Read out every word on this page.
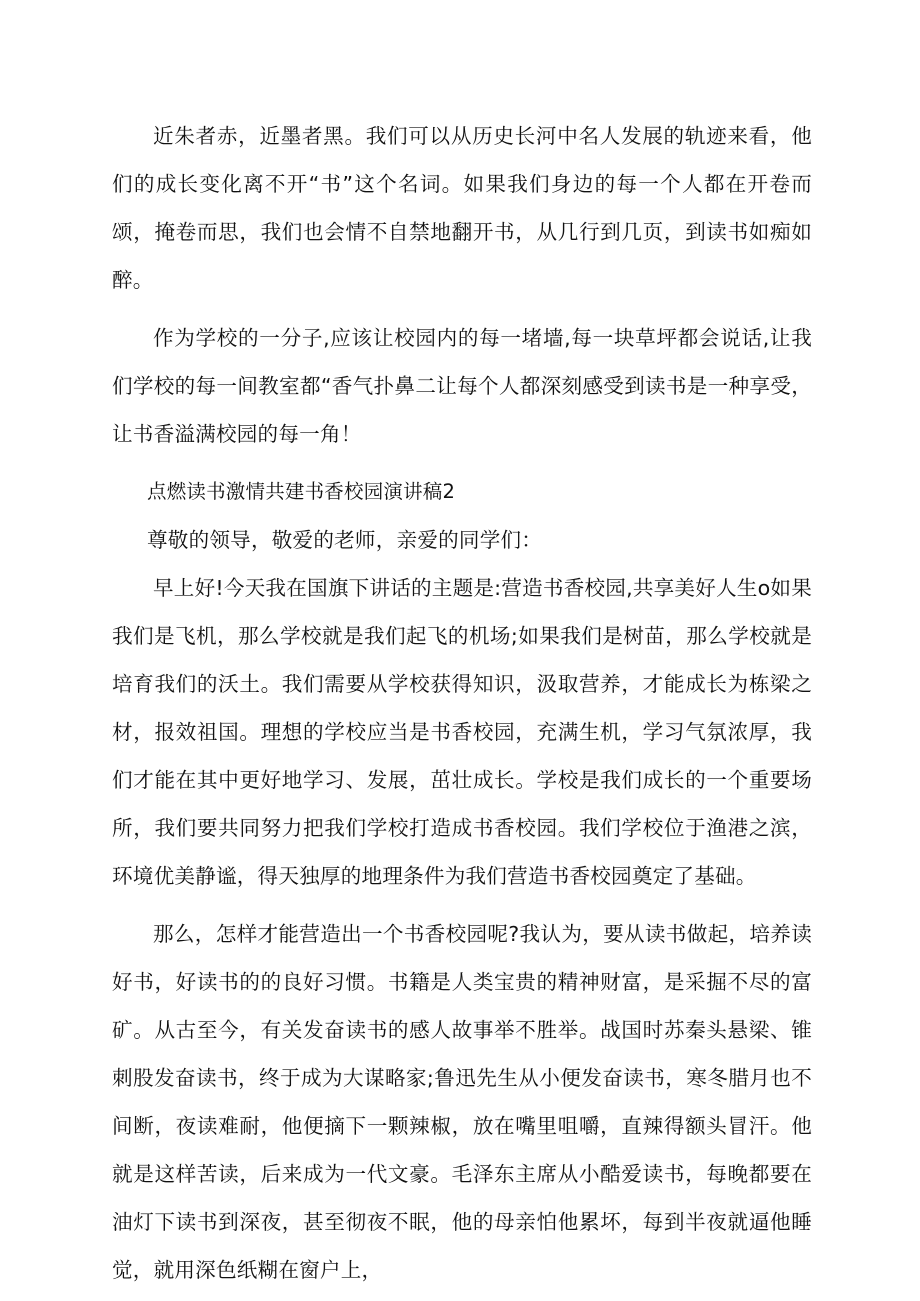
近朱者赤，近墨者黑。我们可以从历史长河中名人发展的轨迹来看，他们的成长变化离不开“书”这个名词。如果我们身边的每一个人都在开卷而颂，掩卷而思，我们也会情不自禁地翻开书，从几行到几页，到读书如痴如醉。

作为学校的一分子,应该让校园内的每一堵墙,每一块草坪都会说话,让我们学校的每一间教室都“香气扑鼻二让每个人都深刻感受到读书是一种享受，让书香溢满校园的每一角！

点燃读书激情共建书香校园演讲稿2

尊敬的领导，敬爱的老师，亲爱的同学们：

早上好!今天我在国旗下讲话的主题是:营造书香校园,共享美好人生o如果我们是飞机，那么学校就是我们起飞的机场;如果我们是树苗，那么学校就是培育我们的沃土。我们需要从学校获得知识，汲取营养，才能成长为栋梁之材，报效祖国。理想的学校应当是书香校园，充满生机，学习气氛浓厚，我们才能在其中更好地学习、发展，茁壮成长。学校是我们成长的一个重要场所，我们要共同努力把我们学校打造成书香校园。我们学校位于渔港之滨，环境优美静谧，得天独厚的地理条件为我们营造书香校园奠定了基础。

那么，怎样才能营造出一个书香校园呢?我认为，要从读书做起，培养读好书，好读书的的良好习惯。书籍是人类宝贵的精神财富，是采掘不尽的富矿。从古至今，有关发奋读书的感人故事举不胜举。战国时苏秦头悬梁、锥刺股发奋读书，终于成为大谋略家;鲁迅先生从小便发奋读书，寒冬腊月也不间断，夜读难耐，他便摘下一颗辣椒，放在嘴里咀嚼，直辣得额头冒汗。他就是这样苦读，后来成为一代文豪。毛泽东主席从小酷爱读书，每晚都要在油灯下读书到深夜，甚至彻夜不眠，他的母亲怕他累坏，每到半夜就逼他睡觉，就用深色纸糊在窗户上，
